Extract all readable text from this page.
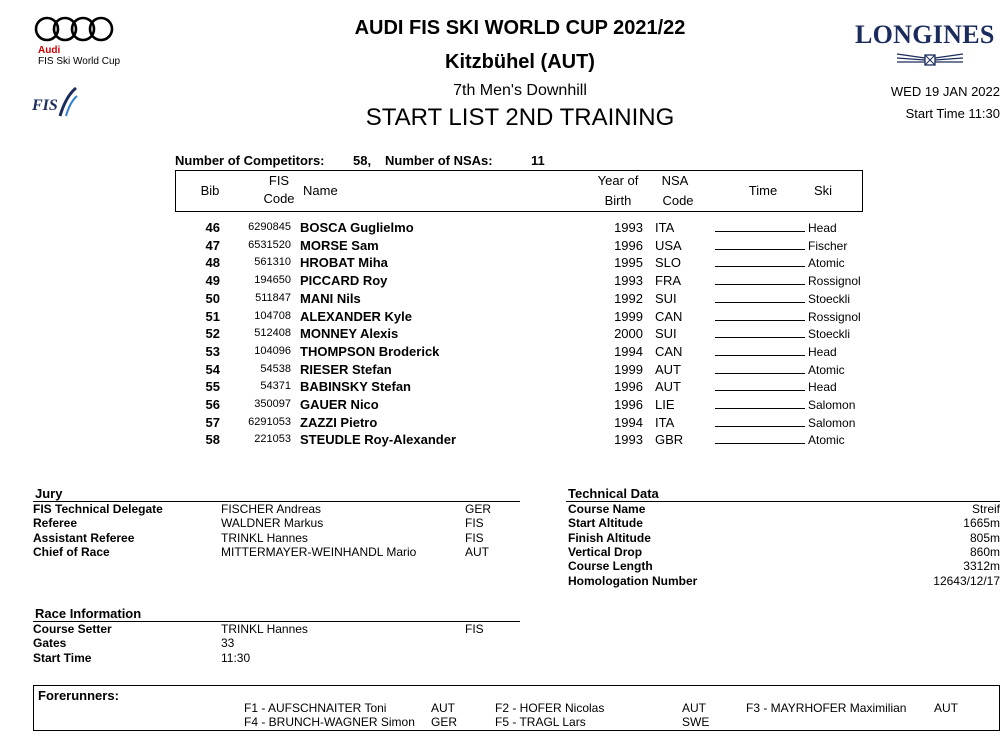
Audi
FIS Ski World Cup
FIS
AUDI FIS SKI WORLD CUP 2021/22
Kitzbühel (AUT)
7th Men's Downhill
START LIST 2ND TRAINING
LONGINES
WED 19 JAN 2022
Start Time 11:30
Number of Competitors: 58, Number of NSAs:	11
Bib
FIS
Code
Name
Year of
Birth
NSA
Code
Time	Ski
46	6290845 BOSCA Guglielmo	1993 ITA	Head
47	6531520 MORSE Sam	1996 USA	Fischer
48	561310 HROBAT Miha	1995 SLO	Atomic
49	194650 PICCARD Roy	1993 FRA	Rossignol
50	511847 MANI Nils	1992 SUI	Stoeckli
51	104708 ALEXANDER Kyle	1999 CAN	Rossignol
52	512408 MONNEY Alexis	2000 SUI	Stoeckli
53	104096 THOMPSON Broderick	1994 CAN	Head
54	54538 RIESER Stefan	1999 AUT	Atomic
55	54371 BABINSKY Stefan	1996 AUT	Head
56	350097 GAUER Nico	1996 LIE	Salomon
57	6291053 ZAZZI Pietro	1994 ITA	Salomon
58	221053 STEUDLE Roy-Alexander	1993 GBR	Atomic
Jury
FIS Technical Delegate	FISCHER Andreas	GER
Referee	WALDNER Markus	FIS
Assistant Referee	TRINKL Hannes	FIS
Chief of Race	MITTERMAYER-WEINHANDL Mario	AUT
Technical Data
Course Name	Streif
Start Altitude	1665m
Finish Altitude	805m
Vertical Drop	860m
Course Length	3312m
Homologation Number	12643/12/17
Race Information
Course Setter	TRINKL Hannes	FIS
Gates	33
Start Time	11:30
Forerunners:
F1 - AUFSCHNAITER Toni	AUT	F2 - HOFER Nicolas	AUT	F3 - MAYRHOFER Maximilian AUT
F4 - BRUNCH-WAGNER Simon GER	F5 - TRAGL Lars	SWE
